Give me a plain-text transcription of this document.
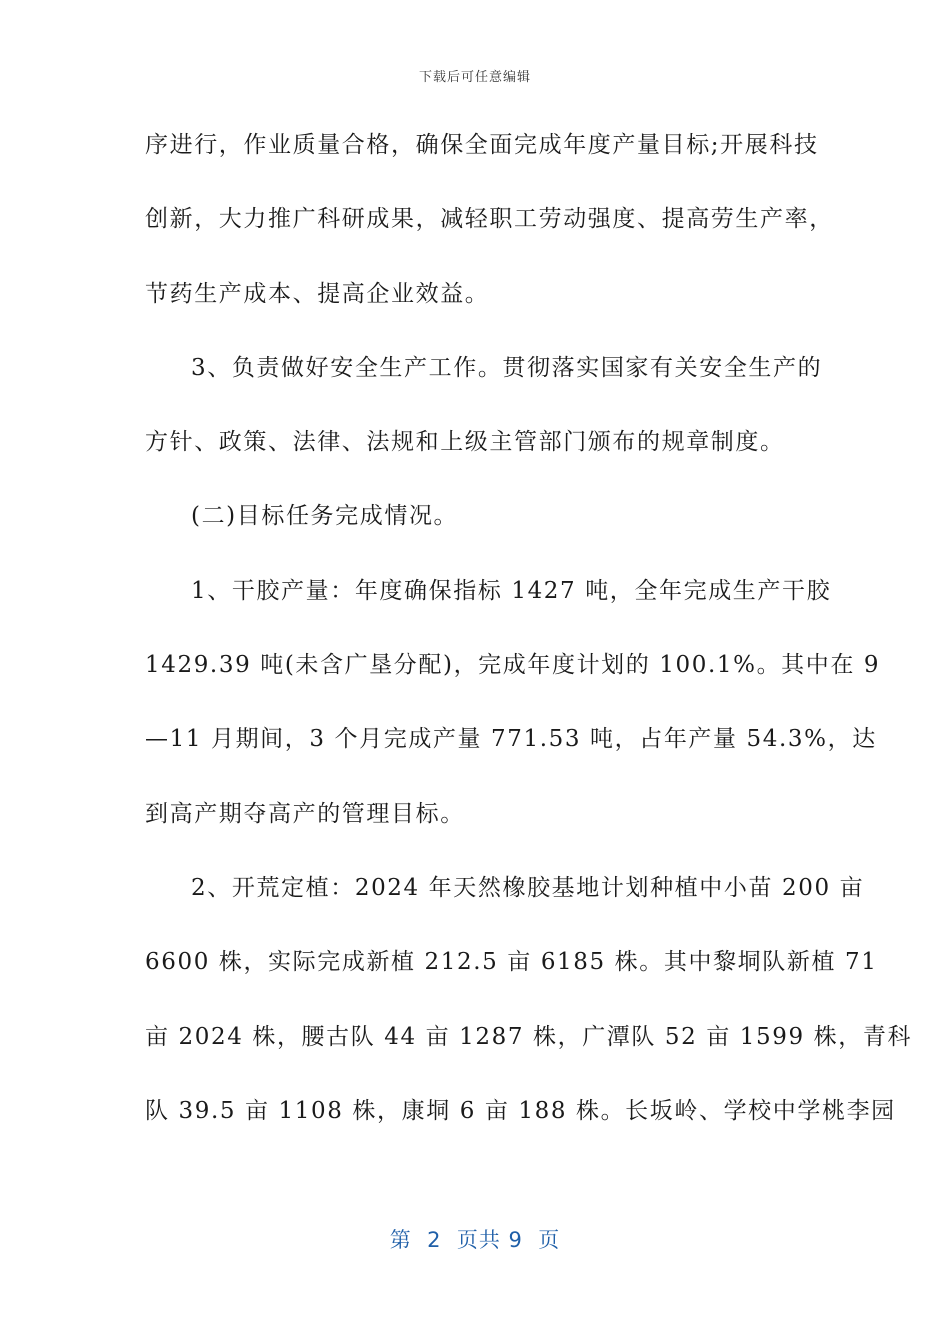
下载后可任意编辑
序进行，作业质量合格，确保全面完成年度产量目标;开展科技
创新，大力推广科研成果，减轻职工劳动强度、提高劳生产率，
节药生产成本、提高企业效益。
3、负责做好安全生产工作。贯彻落实国家有关安全生产的
方针、政策、法律、法规和上级主管部门颁布的规章制度。
(二)目标任务完成情况。
1、干胶产量：年度确保指标 1427 吨，全年完成生产干胶
1429.39 吨(未含广垦分配)，完成年度计划的 100.1%。其中在 9
—11 月期间，3 个月完成产量 771.53 吨，占年产量 54.3%，达
到高产期夺高产的管理目标。
2、开荒定植：2024 年天然橡胶基地计划种植中小苗 200 亩
6600 株，实际完成新植 212.5 亩 6185 株。其中黎垌队新植 71
亩 2024 株，腰古队 44 亩 1287 株，广潭队 52 亩 1599 株，青科
队 39.5 亩 1108 株，康垌 6 亩 188 株。长坂岭、学校中学桃李园
第  2  页共 9  页
